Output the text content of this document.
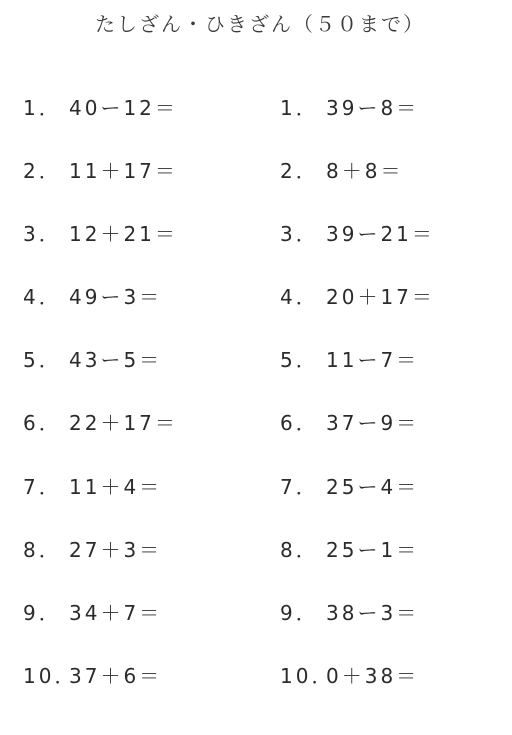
たしざん・ひきざん（５０まで）
1． 40ー12＝
2． 11＋17＝
3． 12＋21＝
4． 49ー3＝
5． 43ー5＝
6． 22＋17＝
7． 11＋4＝
8． 27＋3＝
9． 34＋7＝
10．37＋6＝
1． 39ー8＝
2． 8＋8＝
3． 39ー21＝
4． 20＋17＝
5． 11ー7＝
6． 37ー9＝
7． 25ー4＝
8． 25ー1＝
9． 38ー3＝
10．0＋38＝
